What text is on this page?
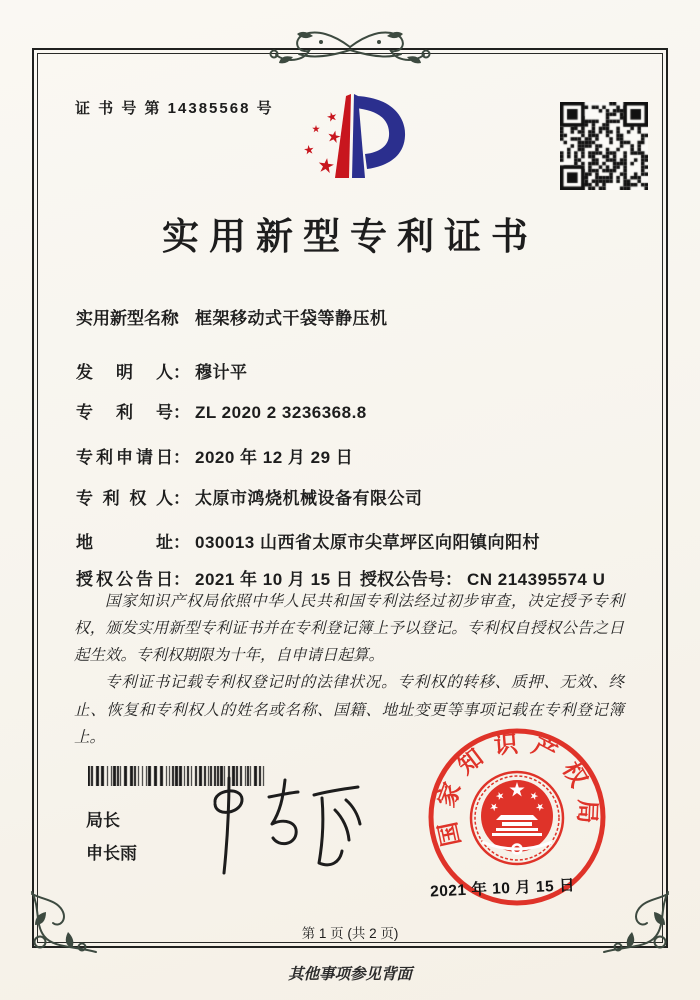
证 书 号 第 14385568 号
实用新型专利证书
实用新型名称： 框架移动式干袋等静压机
发明人： 穆计平
专利号： ZL 2020 2 3236368.8
专利申请日： 2020 年 12 月 29 日
专利权人： 太原市鸿烧机械设备有限公司
地址： 030013 山西省太原市尖草坪区向阳镇向阳村
授权公告日： 2021 年 10 月 15 日 授权公告号： CN 214395574 U

国家知识产权局依照中华人民共和国专利法经过初步审查，决定授予专利权，颁发实用新型专利证书并在专利登记簿上予以登记。专利权自授权公告之日起生效。专利权期限为十年，自申请日起算。

专利证书记载专利权登记时的法律状况。专利权的转移、质押、无效、终止、恢复和专利权人的姓名或名称、国籍、地址变更等事项记载在专利登记簿上。

局长
申长雨
国家知识产权局
2021 年 10 月 15 日
第 1 页 (共 2 页)
其他事项参见背面
